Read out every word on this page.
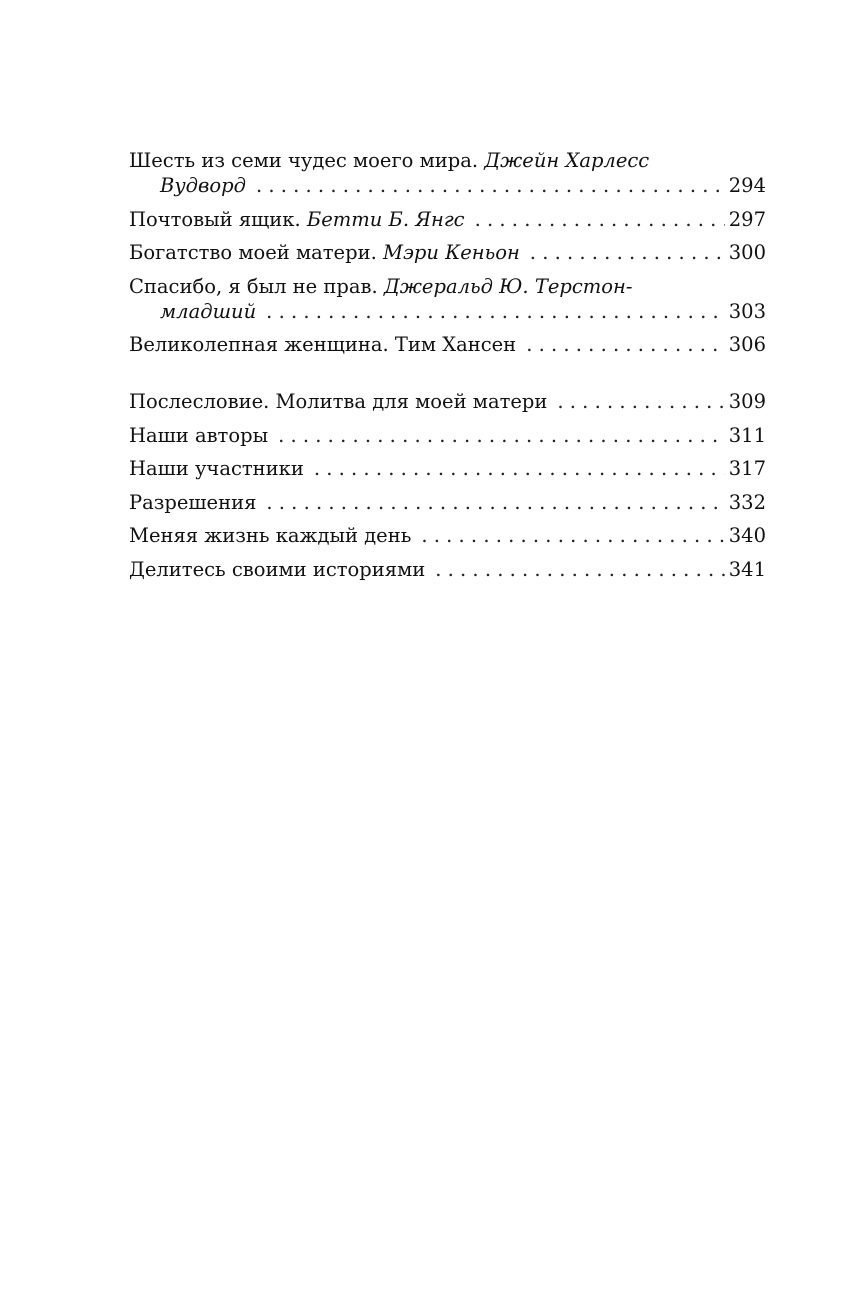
Шесть из семи чудес моего мира. Джейн Харлесс
Вудворд . . .	294
Почтовый ящик. Бетти Б. Янгс . . .	297
Богатство моей матери. Мэри Кеньон . . .	300
Спасибо, я был не прав. Джеральд Ю. Терстон-
младший . . .	303
Великолепная женщина. Тим Хансен . . .	306
Послесловие. Молитва для моей матери . . .	309
Наши авторы . . .	311
Наши участники . . .	317
Разрешения . . .	332
Меняя жизнь каждый день . . .	340
Делитесь своими историями . . .	341
